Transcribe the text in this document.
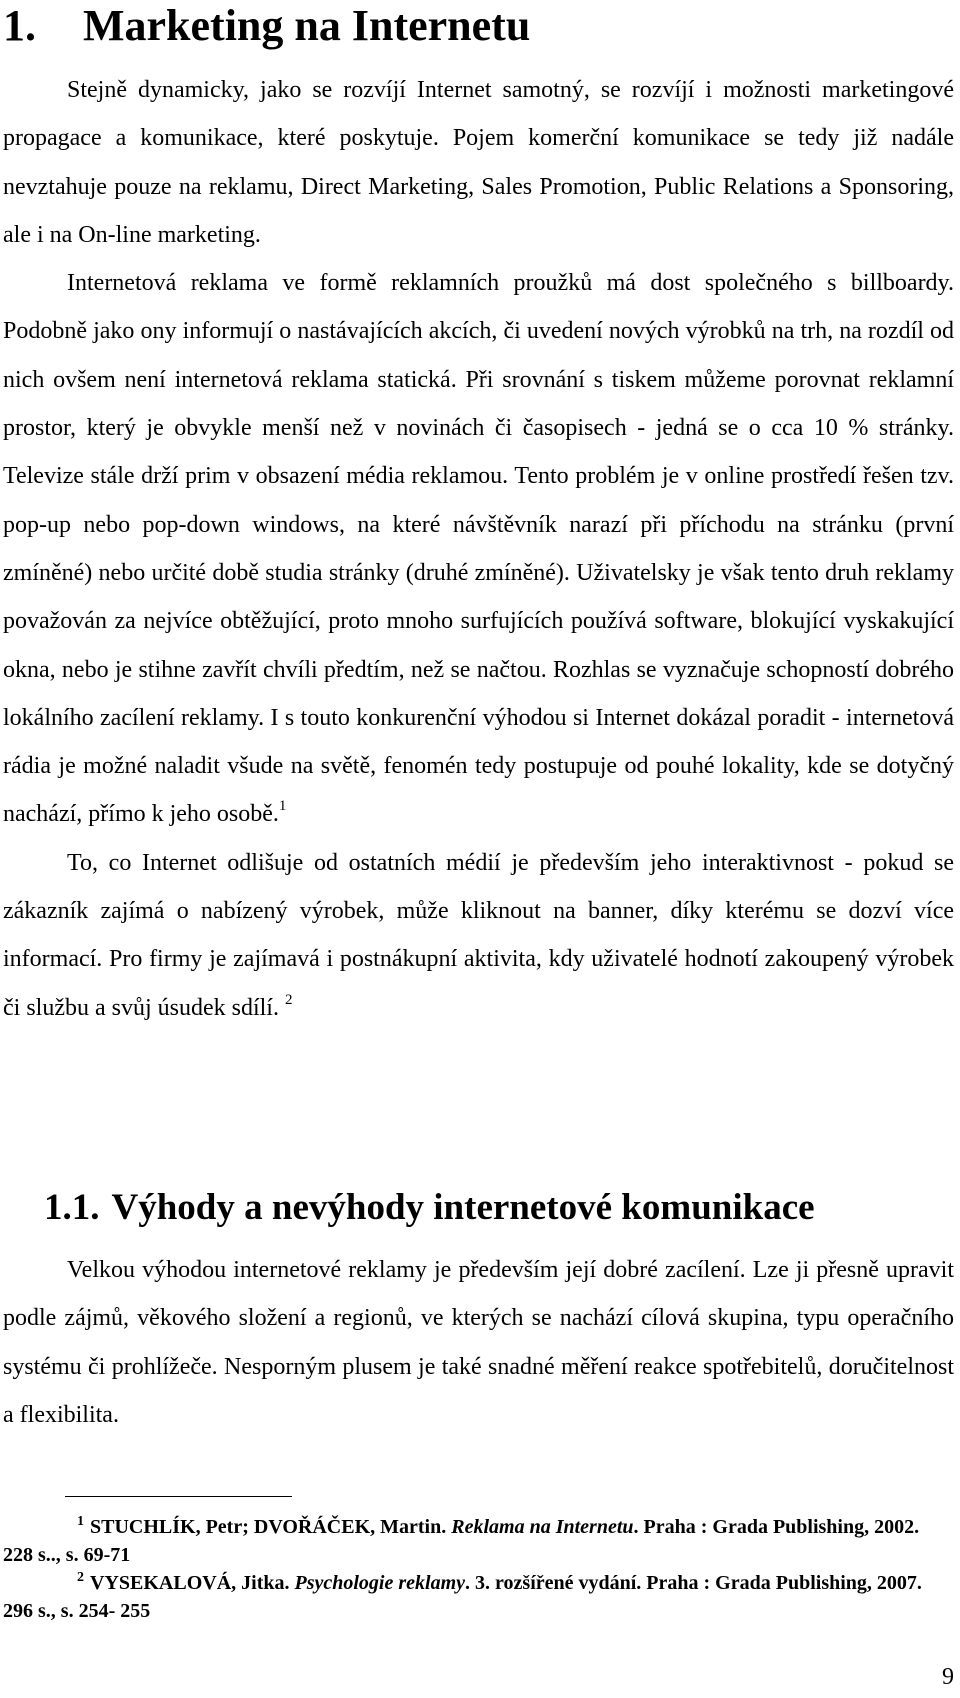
1. Marketing na Internetu

Stejně dynamicky, jako se rozvíjí Internet samotný, se rozvíjí i možnosti marketingové propagace a komunikace, které poskytuje. Pojem komerční komunikace se tedy již nadále nevztahuje pouze na reklamu, Direct Marketing, Sales Promotion, Public Relations a Sponsoring, ale i na On-line marketing.

Internetová reklama ve formě reklamních proužků má dost společného s billboardy. Podobně jako ony informují o nastávajících akcích, či uvedení nových výrobků na trh, na rozdíl od nich ovšem není internetová reklama statická. Při srovnání s tiskem můžeme porovnat reklamní prostor, který je obvykle menší než v novinách či časopisech - jedná se o cca 10 % stránky. Televize stále drží prim v obsazení média reklamou. Tento problém je v online prostředí řešen tzv. pop-up nebo pop-down windows, na které návštěvník narazí při příchodu na stránku (první zmíněné) nebo určité době studia stránky (druhé zmíněné). Uživatelsky je však tento druh reklamy považován za nejvíce obtěžující, proto mnoho surfujících používá software, blokující vyskakující okna, nebo je stihne zavřít chvíli předtím, než se načtou. Rozhlas se vyznačuje schopností dobrého lokálního zacílení reklamy. I s touto konkurenční výhodou si Internet dokázal poradit - internetová rádia je možné naladit všude na světě, fenomén tedy postupuje od pouhé lokality, kde se dotyčný nachází, přímo k jeho osobě.$^1$

To, co Internet odlišuje od ostatních médií je především jeho interaktivnost - pokud se zákazník zajímá o nabízený výrobek, může kliknout na banner, díky kterému se dozví více informací. Pro firmy je zajímavá i postnákupní aktivita, kdy uživatelé hodnotí zakoupený výrobek či službu a svůj úsudek sdílí. $^2$

1.1. Výhody a nevýhody internetové komunikace

Velkou výhodou internetové reklamy je především její dobré zacílení. Lze ji přesně upravit podle zájmů, věkového složení a regionů, ve kterých se nachází cílová skupina, typu operačního systému či prohlížeče. Nesporným plusem je také snadné měření reakce spotřebitelů, doručitelnost a flexibilita.

$^1$ STUCHLÍK, Petr; DVOŘÁČEK, Martin. Reklama na Internetu. Praha : Grada Publishing, 2002. 228 s.., s. 69-71

$^2$ VYSEKALOVÁ, Jitka. Psychologie reklamy. 3. rozšířené vydání. Praha : Grada Publishing, 2007. 296 s., s. 254- 255

9
